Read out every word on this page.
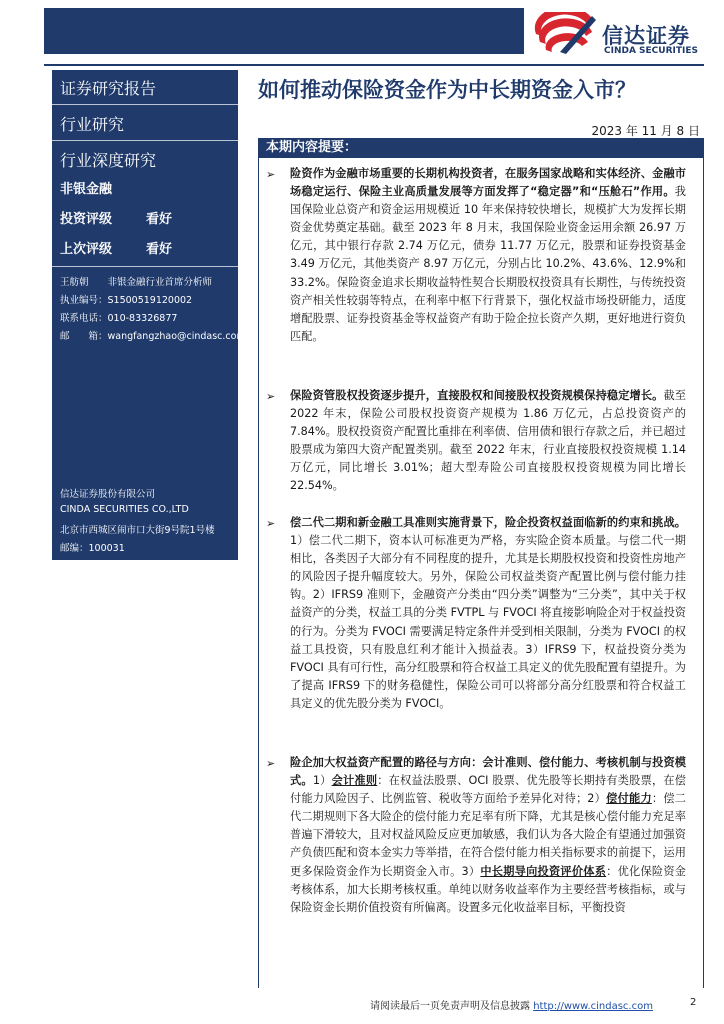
信达证券
CINDA SECURITIES
证券研究报告
行业研究
行业深度研究
非银金融
投资评级	看好
上次评级	看好
王舫朝　　非银金融行业首席分析师
执业编号：S1500519120002
联系电话：010-83326877
邮　　箱：wangfangzhao@cindasc.com
信达证券股份有限公司
CINDA SECURITIES CO.,LTD
北京市西城区闹市口大街9号院1号楼
邮编：100031
如何推动保险资金作为中长期资金入市？
2023 年 11 月 8 日
本期内容提要：
➢ 险资作为金融市场重要的长期机构投资者，在服务国家战略和实体经济、金融市场稳定运行、保险主业高质量发展等方面发挥了“稳定器”和“压舱石”作用。我国保险业总资产和资金运用规模近 10 年来保持较快增长，规模扩大为发挥长期资金优势奠定基础。截至 2023 年 8 月末，我国保险业资金运用余额 26.97 万亿元，其中银行存款 2.74 万亿元，债券 11.77 万亿元，股票和证券投资基金 3.49 万亿元，其他类资产 8.97 万亿元，分别占比 10.2%、43.6%、12.9%和 33.2%。保险资金追求长期收益特性契合长期股权投资具有长期性，与传统投资资产相关性较弱等特点，在利率中枢下行背景下，强化权益市场投研能力，适度增配股票、证券投资基金等权益资产有助于险企拉长资产久期，更好地进行资负匹配。
➢ 保险资管股权投资逐步提升，直接股权和间接股权投资规模保持稳定增长。截至 2022 年末，保险公司股权投资资产规模为 1.86 万亿元，占总投资资产的 7.84%。股权投资资产配置比重排在利率债、信用债和银行存款之后，并已超过股票成为第四大资产配置类别。截至 2022 年末，行业直接股权投资规模 1.14 万亿元，同比增长 3.01%；超大型寿险公司直接股权投资规模为同比增长 22.54%。
➢ 偿二代二期和新金融工具准则实施背景下，险企投资权益面临新的约束和挑战。1）偿二代二期下，资本认可标准更为严格，夯实险企资本质量。与偿二代一期相比，各类因子大部分有不同程度的提升，尤其是长期股权投资和投资性房地产的风险因子提升幅度较大。另外，保险公司权益类资产配置比例与偿付能力挂钩。2）IFRS9 准则下，金融资产分类由“四分类”调整为“三分类”，其中关于权益资产的分类，权益工具的分类 FVTPL 与 FVOCI 将直接影响险企对于权益投资的行为。分类为 FVOCI 需要满足特定条件并受到相关限制，分类为 FVOCI 的权益工具投资，只有股息红利才能计入损益表。3）IFRS9 下，权益投资分类为 FVOCI 具有可行性，高分红股票和符合权益工具定义的优先股配置有望提升。为了提高 IFRS9 下的财务稳健性，保险公司可以将部分高分红股票和符合权益工具定义的优先股分类为 FVOCI。
➢ 险企加大权益资产配置的路径与方向：会计准则、偿付能力、考核机制与投资模式。1）会计准则：在权益法股票、OCI 股票、优先股等长期持有类股票，在偿付能力风险因子、比例监管、税收等方面给予差异化对待；2）偿付能力：偿二代二期规则下各大险企的偿付能力充足率有所下降，尤其是核心偿付能力充足率普遍下滑较大，且对权益风险反应更加敏感，我们认为各大险企有望通过加强资产负债匹配和资本金实力等举措，在符合偿付能力相关指标要求的前提下，运用更多保险资金作为长期资金入市。3）中长期导向投资评价体系：优化保险资金考核体系，加大长期考核权重。单纯以财务收益率作为主要经营考核指标，或与保险资金长期价值投资有所偏离。设置多元化收益率目标，平衡投资
请阅读最后一页免责声明及信息披露 http://www.cindasc.com	2
